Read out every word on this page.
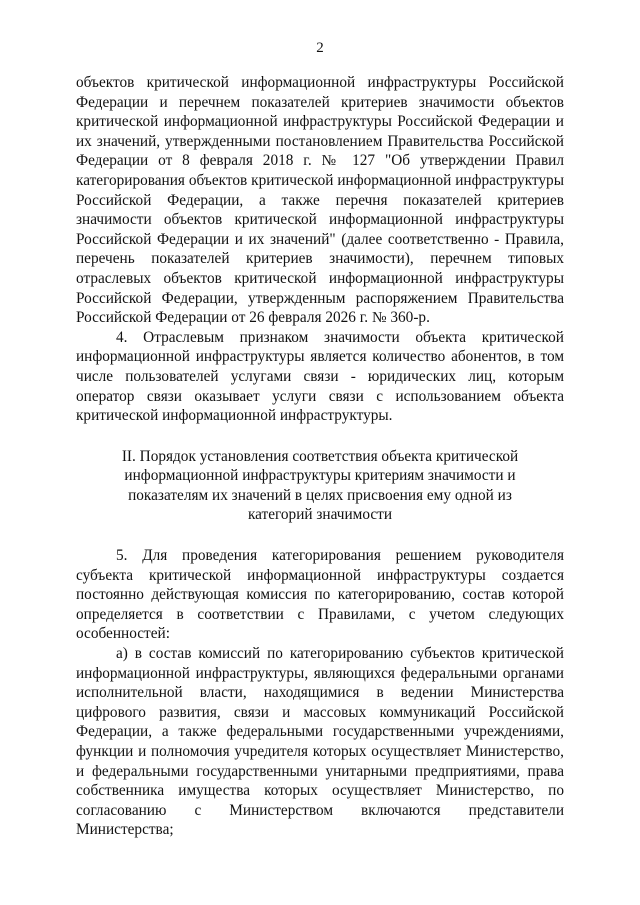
2

объектов критической информационной инфраструктуры Российской Федерации и перечнем показателей критериев значимости объектов критической информационной инфраструктуры Российской Федерации и их значений, утвержденными постановлением Правительства Российской Федерации от 8 февраля 2018 г. № 127 "Об утверждении Правил категорирования объектов критической информационной инфраструктуры Российской Федерации, а также перечня показателей критериев значимости объектов критической информационной инфраструктуры Российской Федерации и их значений" (далее соответственно - Правила, перечень показателей критериев значимости), перечнем типовых отраслевых объектов критической информационной инфраструктуры Российской Федерации, утвержденным распоряжением Правительства Российской Федерации от 26 февраля 2026 г. № 360-р.

4. Отраслевым признаком значимости объекта критической информационной инфраструктуры является количество абонентов, в том числе пользователей услугами связи - юридических лиц, которым оператор связи оказывает услуги связи с использованием объекта критической информационной инфраструктуры.

II. Порядок установления соответствия объекта критической информационной инфраструктуры критериям значимости и показателям их значений в целях присвоения ему одной из категорий значимости

5. Для проведения категорирования решением руководителя субъекта критической информационной инфраструктуры создается постоянно действующая комиссия по категорированию, состав которой определяется в соответствии с Правилами, с учетом следующих особенностей:

а) в состав комиссий по категорированию субъектов критической информационной инфраструктуры, являющихся федеральными органами исполнительной власти, находящимися в ведении Министерства цифрового развития, связи и массовых коммуникаций Российской Федерации, а также федеральными государственными учреждениями, функции и полномочия учредителя которых осуществляет Министерство, и федеральными государственными унитарными предприятиями, права собственника имущества которых осуществляет Министерство, по согласованию с Министерством включаются представители Министерства;
